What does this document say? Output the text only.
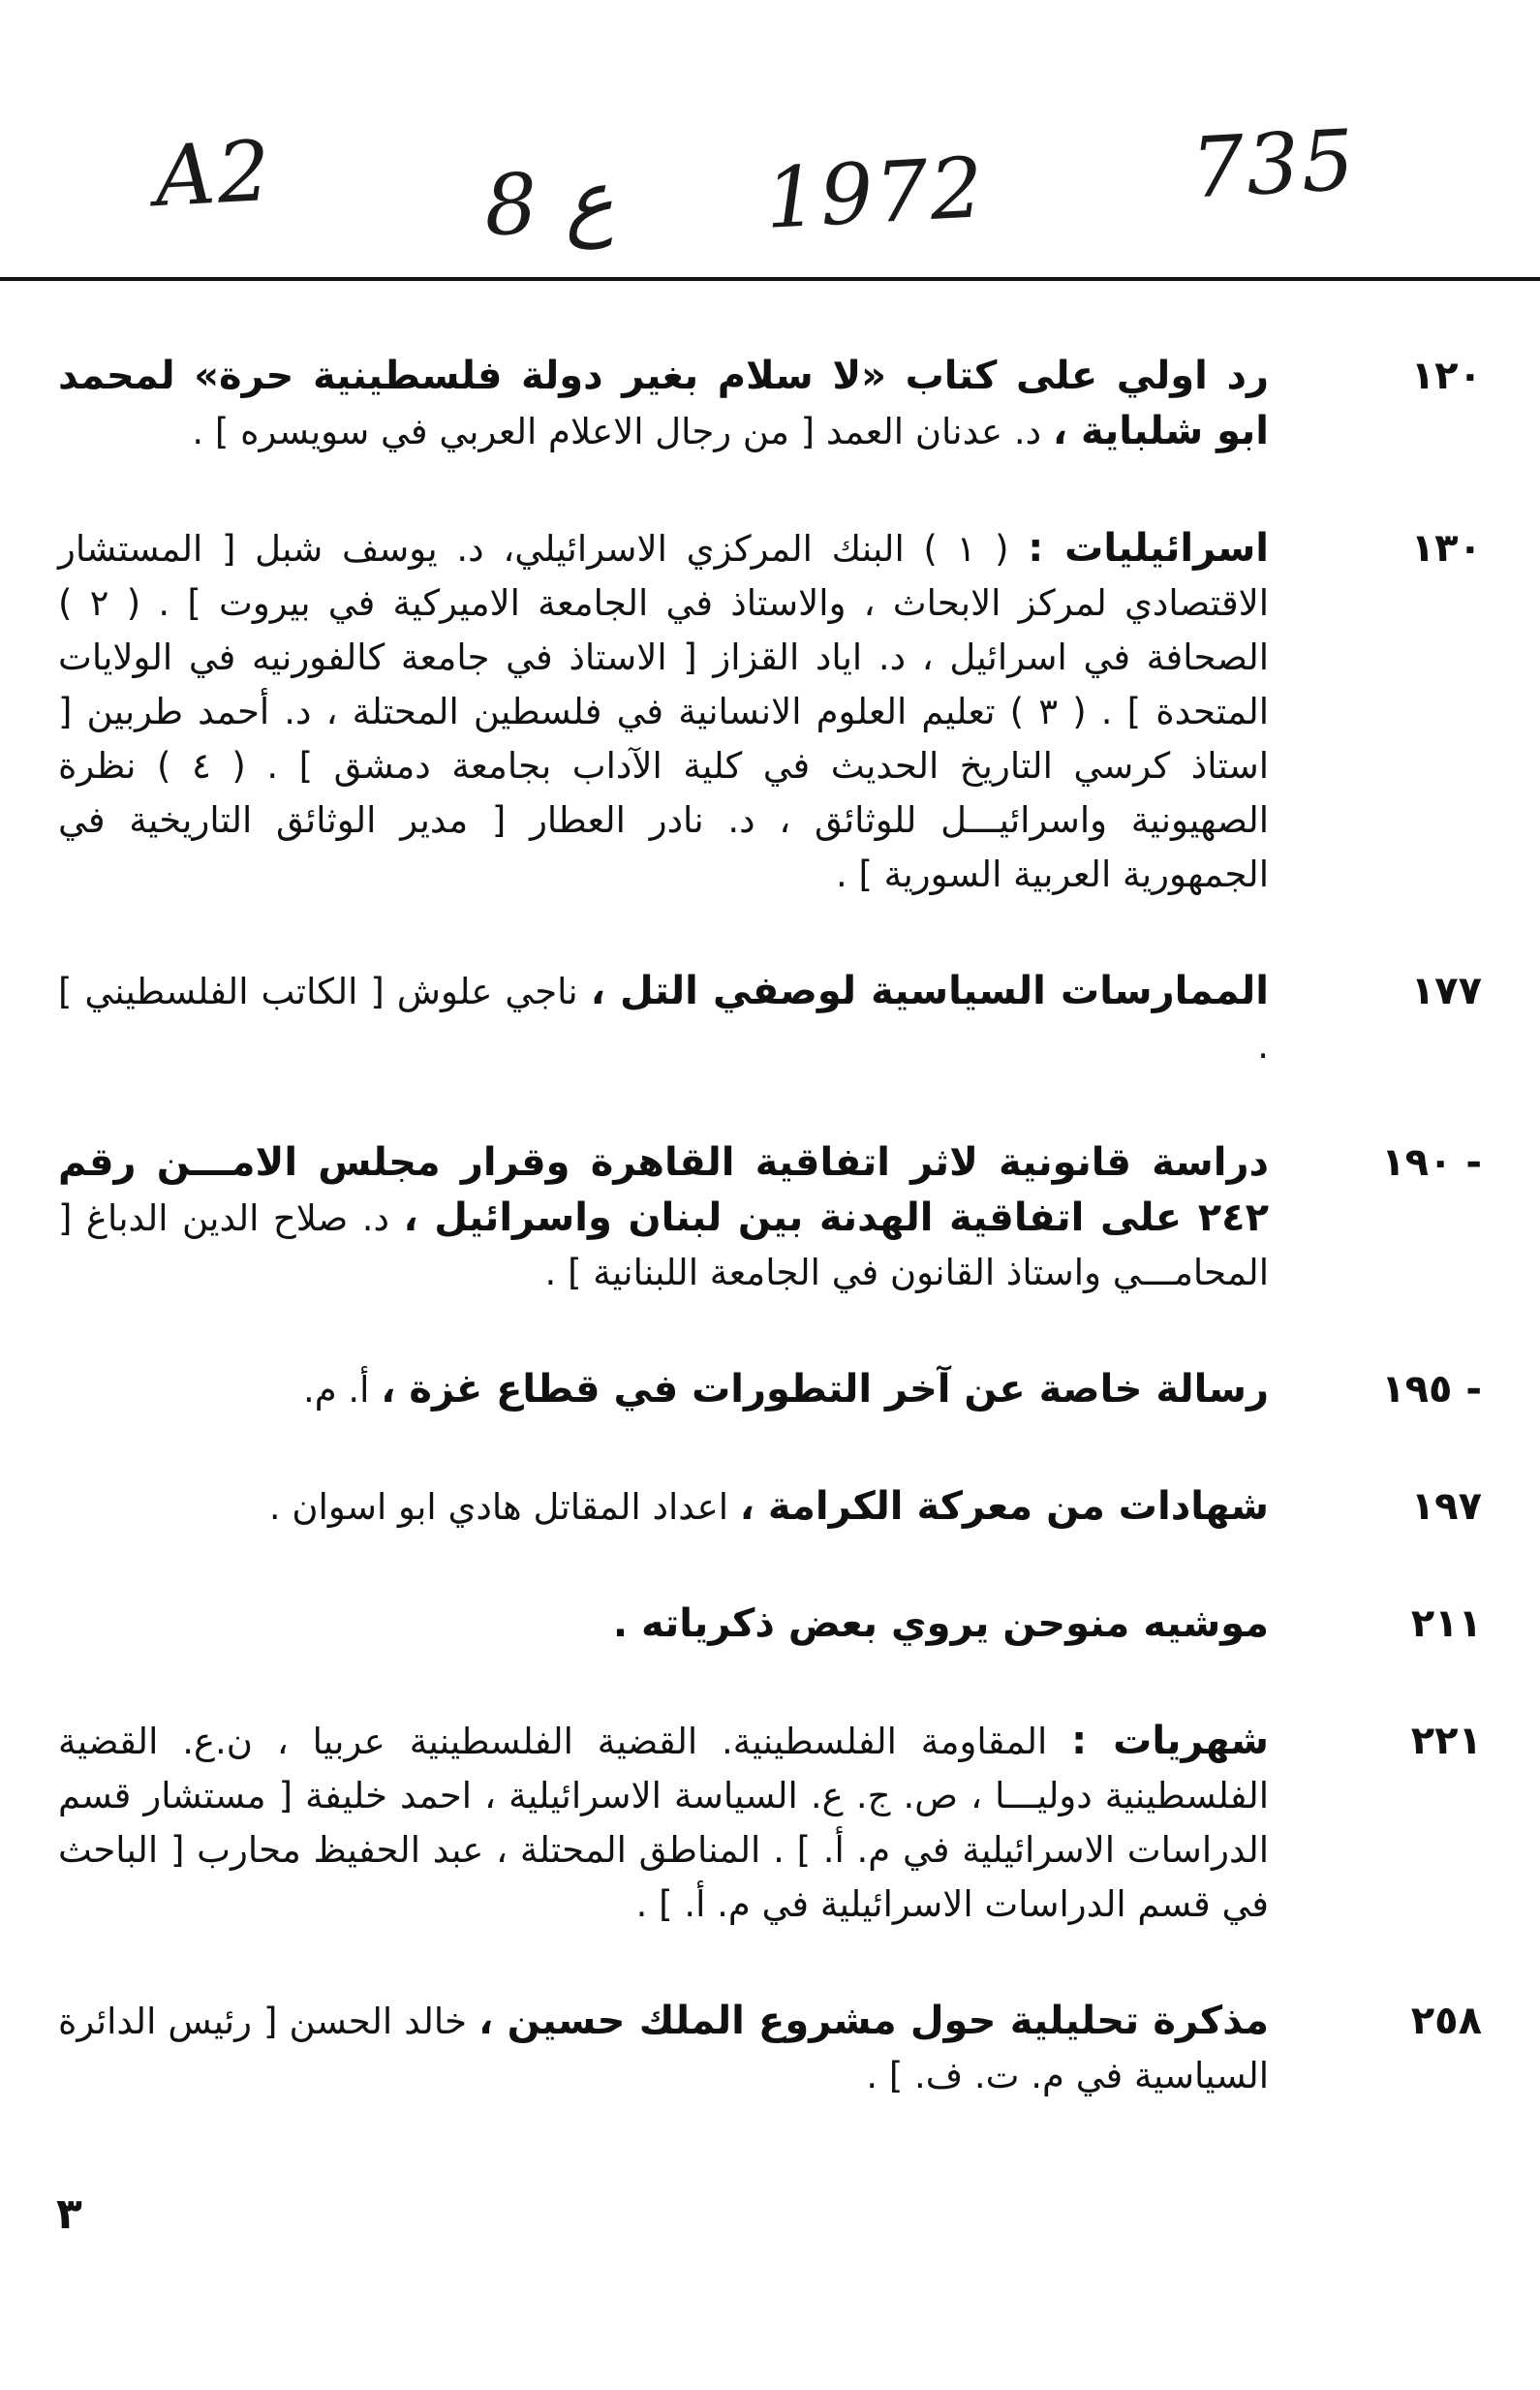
A2 8 ع 1972 735
١٢٠
رد اولي على كتاب «لا سلام بغير دولة فلسطينية حرة» لمحمد ابو شلباية ، د. عدنان العمد [ من رجال الاعلام العربي في سويسره ] .
١٣٠
اسرائيليات : ( ١ ) البنك المركزي الاسرائيلي، د. يوسف شبل [ المستشار الاقتصادي لمركز الابحاث ، والاستاذ في الجامعة الاميركية في بيروت ] . ( ٢ ) الصحافة في اسرائيل ، د. اياد القزاز [ الاستاذ في جامعة كالفورنيه في الولايات المتحدة ] . ( ٣ ) تعليم العلوم الانسانية في فلسطين المحتلة ، د. أحمد طربين [ استاذ كرسي التاريخ الحديث في كلية الآداب بجامعة دمشق ] . ( ٤ ) نظرة الصهيونية واسرائيـــل للوثائق ، د. نادر العطار [ مدير الوثائق التاريخية في الجمهورية العربية السورية ] .
١٧٧
الممارسات السياسية لوصفي التل ، ناجي علوش [ الكاتب الفلسطيني ] .
١٩٠ -
دراسة قانونية لاثر اتفاقية القاهرة وقرار مجلس الامـــن رقم ٢٤٢ على اتفاقية الهدنة بين لبنان واسرائيل ، د. صلاح الدين الدباغ [ المحامـــي واستاذ القانون في الجامعة اللبنانية ] .
١٩٥ -
رسالة خاصة عن آخر التطورات في قطاع غزة ، أ. م.
١٩٧
شهادات من معركة الكرامة ، اعداد المقاتل هادي ابو اسوان .
٢١١
موشيه منوحن يروي بعض ذكرياته .
٢٢١
شهريات : المقاومة الفلسطينية. القضية الفلسطينية عربيا ، ن.ع. القضية الفلسطينية دوليـــا ، ص. ج. ع. السياسة الاسرائيلية ، احمد خليفة [ مستشار قسم الدراسات الاسرائيلية في م. أ. ] . المناطق المحتلة ، عبد الحفيظ محارب [ الباحث في قسم الدراسات الاسرائيلية في م. أ. ] .
٢٥٨
مذكرة تحليلية حول مشروع الملك حسين ، خالد الحسن [ رئيس الدائرة السياسية في م. ت. ف. ] .
٣
